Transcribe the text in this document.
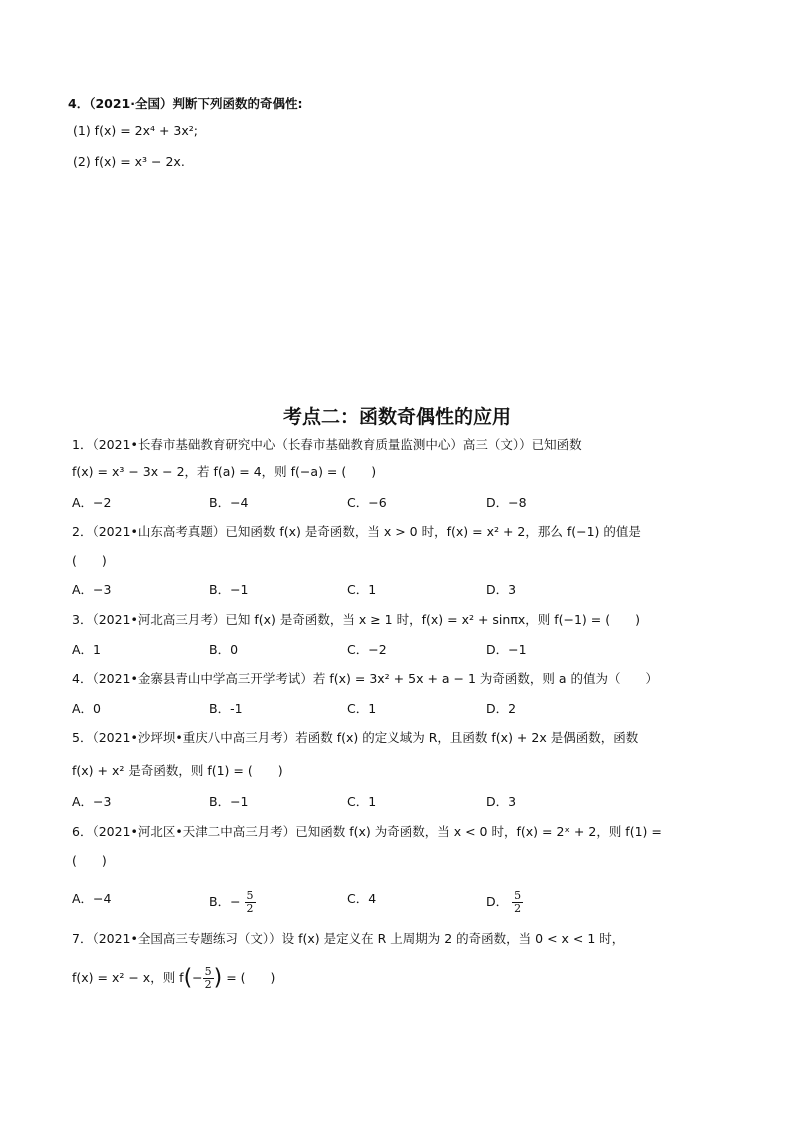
4．（2021·全国）判断下列函数的奇偶性:
(1) f(x) = 2x⁴ + 3x²;
(2) f(x) = x³ − 2x.
考点二：函数奇偶性的应用
1．（2021•长春市基础教育研究中心（长春市基础教育质量监测中心）高三（文））已知函数
f(x) = x³ − 3x − 2，若 f(a) = 4，则 f(−a) = (　　)
A．−2	B．−4	C．−6	D．−8
2．（2021•山东高考真题）已知函数 f(x) 是奇函数，当 x > 0 时，f(x) = x² + 2，那么 f(−1) 的值是
(　　)
A．−3	B．−1	C．1	D．3
3．（2021•河北高三月考）已知 f(x) 是奇函数，当 x ≥ 1 时，f(x) = x² + sinπx，则 f(−1) = (　　)
A．1	B．0	C．−2	D．−1
4．（2021•金寨县青山中学高三开学考试）若 f(x) = 3x² + 5x + a − 1 为奇函数，则 a 的值为（　　）
A．0	B．-1	C．1	D．2
5．（2021•沙坪坝•重庆八中高三月考）若函数 f(x) 的定义域为 R，且函数 f(x) + 2x 是偶函数，函数
f(x) + x² 是奇函数，则 f(1) = (　　)
A．−3	B．−1	C．1	D．3
6．（2021•河北区•天津二中高三月考）已知函数 f(x) 为奇函数，当 x < 0 时，f(x) = 2ˣ + 2，则 f(1) =
(　　)
A．−4	B．− $\frac{5}{2}$	C．4	D． $\frac{5}{2}$
7．（2021•全国高三专题练习（文））设 f(x) 是定义在 R 上周期为 2 的奇函数，当 0 < x < 1 时，
f(x) = x² − x，则 $f(- \frac{5}{2}$ ) = (　　)
